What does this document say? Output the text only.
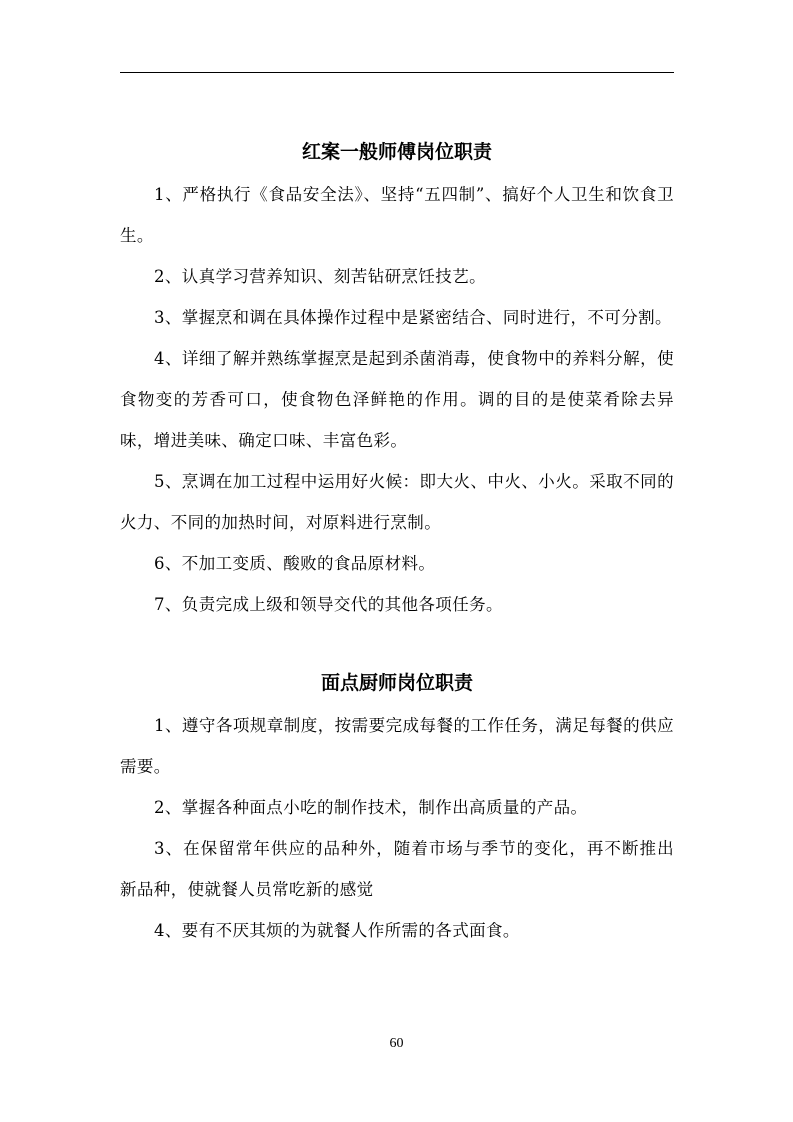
红案一般师傅岗位职责

1、严格执行《食品安全法》、坚持“五四制”、搞好个人卫生和饮食卫生。

2、认真学习营养知识、刻苦钻研烹饪技艺。

3、掌握烹和调在具体操作过程中是紧密结合、同时进行，不可分割。

4、详细了解并熟练掌握烹是起到杀菌消毒，使食物中的养料分解，使食物变的芳香可口，使食物色泽鲜艳的作用。调的目的是使菜肴除去异味，增进美味、确定口味、丰富色彩。

5、烹调在加工过程中运用好火候：即大火、中火、小火。采取不同的火力、不同的加热时间，对原料进行烹制。

6、不加工变质、酸败的食品原材料。

7、负责完成上级和领导交代的其他各项任务。

面点厨师岗位职责

1、遵守各项规章制度，按需要完成每餐的工作任务，满足每餐的供应需要。

2、掌握各种面点小吃的制作技术，制作出高质量的产品。

3、在保留常年供应的品种外，随着市场与季节的变化，再不断推出 新品种，使就餐人员常吃新的感觉

4、要有不厌其烦的为就餐人作所需的各式面食。

60
